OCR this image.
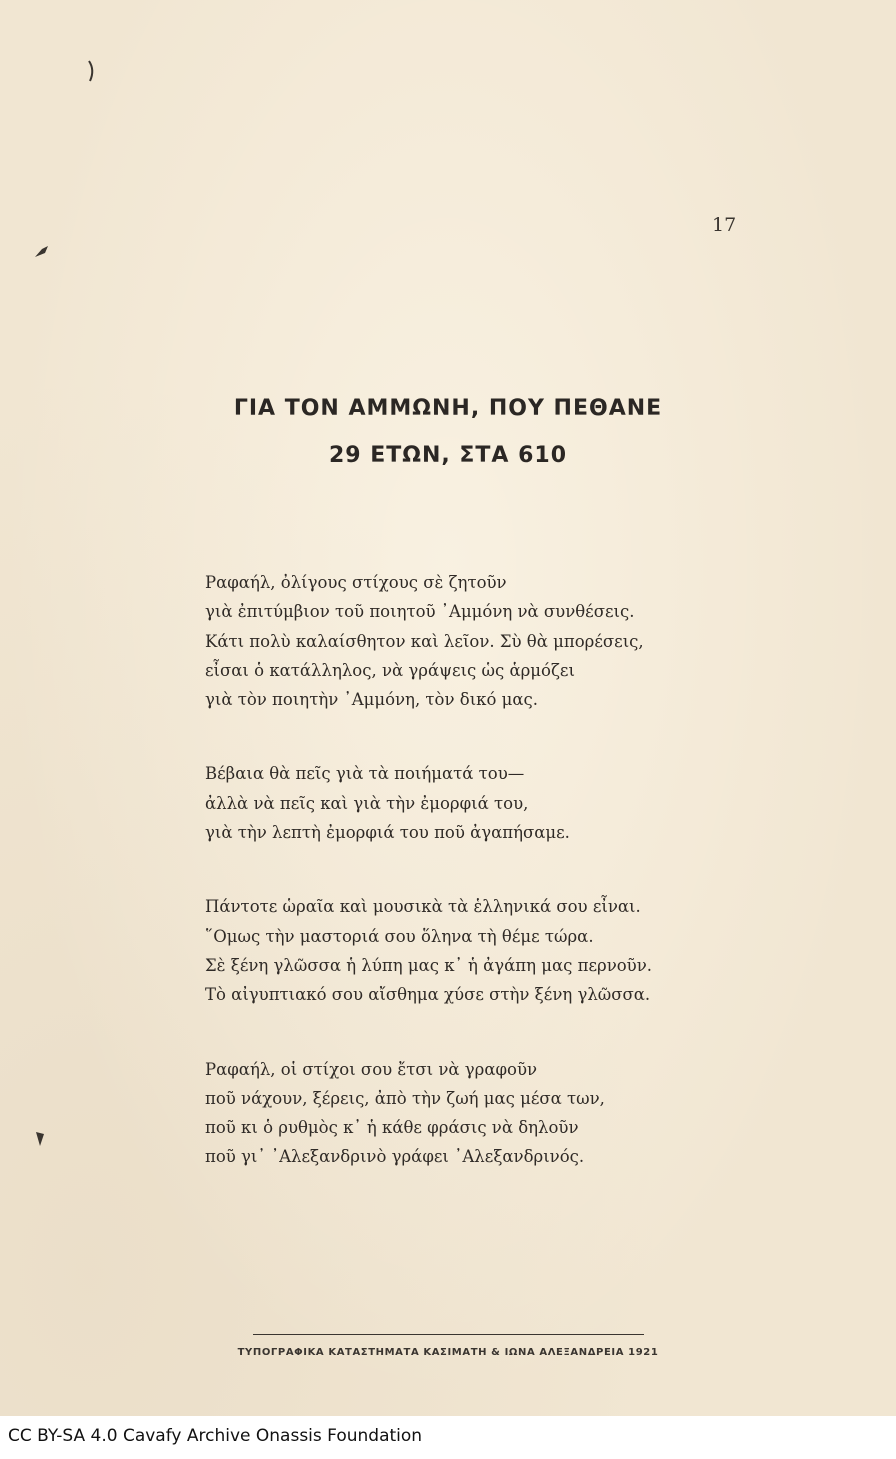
17
ΓΙΑ ΤΟΝ ΑΜΜΩΝΗ, ΠΟΥ ΠΕΘΑΝΕ
29 ΕΤΩΝ, ΣΤΑ 610
Ραφαήλ, ὀλίγους στίχους σὲ ζητοῦν
γιὰ ἐπιτύμβιον τοῦ ποιητοῦ ᾿Αμμόνη νὰ συνθέσεις.
Κάτι πολὺ καλαίσθητον καὶ λεῖον. Σὺ θὰ μπορέσεις,
εἶσαι ὁ κατάλληλος, νὰ γράψεις ὡς ἁρμόζει
γιὰ τὸν ποιητὴν ᾿Αμμόνη, τὸν δικό μας.
Βέβαια θὰ πεῖς γιὰ τὰ ποιήματά του—
ἀλλὰ νὰ πεῖς καὶ γιὰ τὴν ἐμορφιά του,
γιὰ τὴν λεπτὴ ἐμορφιά του ποῦ ἀγαπήσαμε.
Πάντοτε ὡραῖα καὶ μουσικὰ τὰ ἑλληνικά σου εἶναι.
῞Ομως τὴν μαστοριά σου ὅληνα τὴ θέμε τώρα.
Σὲ ξένη γλῶσσα ἡ λύπη μας κ᾿ ἡ ἀγάπη μας περνοῦν.
Τὸ αἰγυπτιακό σου αἴσθημα χύσε στὴν ξένη γλῶσσα.
Ραφαήλ, οἱ στίχοι σου ἔτσι νὰ γραφοῦν
ποῦ νάχουν, ξέρεις, ἀπὸ τὴν ζωή μας μέσα των,
ποῦ κι ὁ ρυθμὸς κ᾿ ἡ κάθε φράσις νὰ δηλοῦν
ποῦ γι᾿ ᾿Αλεξανδρινὸ γράφει ᾿Αλεξανδρινός.
ΤΥΠΟΓΡΑΦΙΚΑ ΚΑΤΑΣΤΗΜΑΤΑ ΚΑΣΙΜΑΤΗ & ΙΩΝΑ ΑΛΕΞΑΝΔΡΕΙΑ 1921
CC BY-SA 4.0 Cavafy Archive Onassis Foundation
